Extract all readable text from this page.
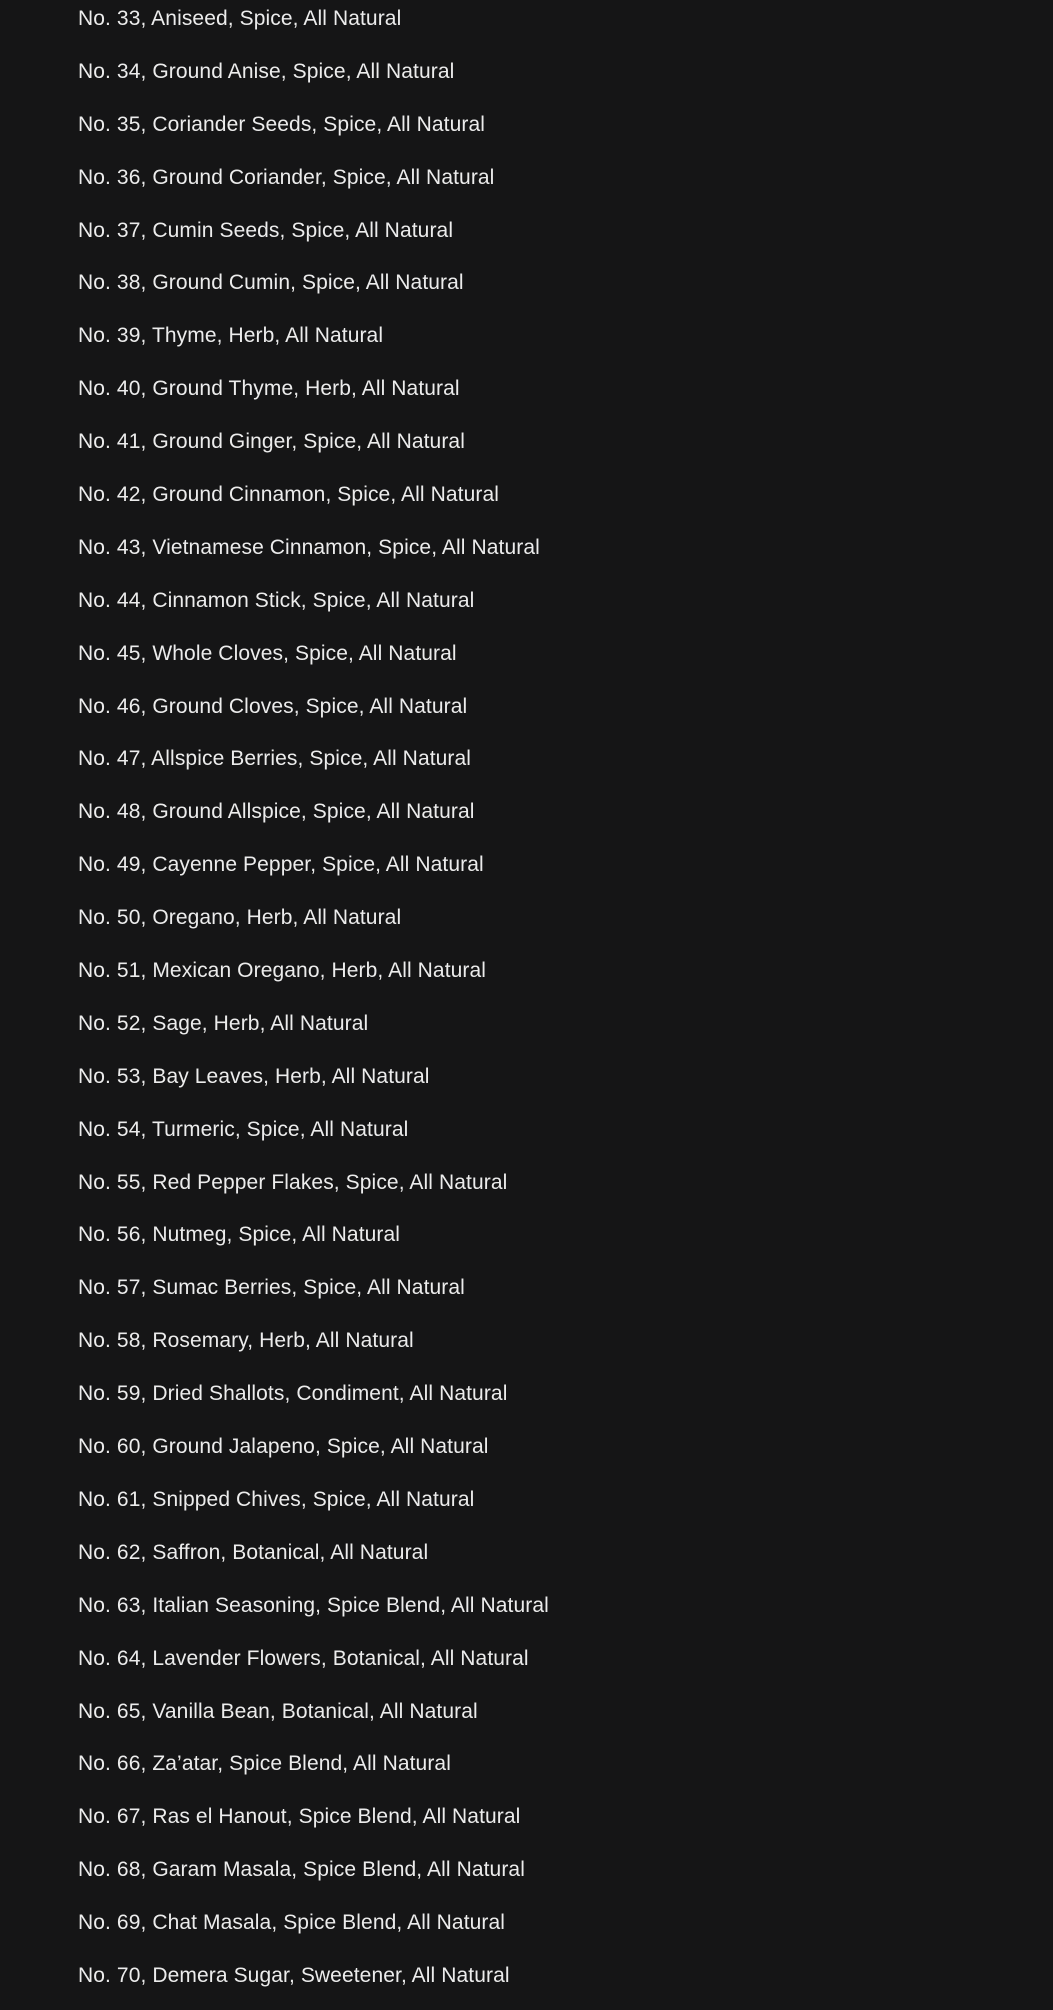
No. 33, Aniseed, Spice, All Natural
No. 34, Ground Anise, Spice, All Natural
No. 35, Coriander Seeds, Spice, All Natural
No. 36, Ground Coriander, Spice, All Natural
No. 37, Cumin Seeds, Spice, All Natural
No. 38, Ground Cumin, Spice, All Natural
No. 39, Thyme, Herb, All Natural
No. 40, Ground Thyme, Herb, All Natural
No. 41, Ground Ginger, Spice, All Natural
No. 42, Ground Cinnamon, Spice, All Natural
No. 43, Vietnamese Cinnamon, Spice, All Natural
No. 44, Cinnamon Stick, Spice, All Natural
No. 45, Whole Cloves, Spice, All Natural
No. 46, Ground Cloves, Spice, All Natural
No. 47, Allspice Berries, Spice, All Natural
No. 48, Ground Allspice, Spice, All Natural
No. 49, Cayenne Pepper, Spice, All Natural
No. 50, Oregano, Herb, All Natural
No. 51, Mexican Oregano, Herb, All Natural
No. 52, Sage, Herb, All Natural
No. 53, Bay Leaves, Herb, All Natural
No. 54, Turmeric, Spice, All Natural
No. 55, Red Pepper Flakes, Spice, All Natural
No. 56, Nutmeg, Spice, All Natural
No. 57, Sumac Berries, Spice, All Natural
No. 58, Rosemary, Herb, All Natural
No. 59, Dried Shallots, Condiment, All Natural
No. 60, Ground Jalapeno, Spice, All Natural
No. 61, Snipped Chives, Spice, All Natural
No. 62, Saffron, Botanical, All Natural
No. 63, Italian Seasoning, Spice Blend, All Natural
No. 64, Lavender Flowers, Botanical, All Natural
No. 65, Vanilla Bean, Botanical, All Natural
No. 66, Za’atar, Spice Blend, All Natural
No. 67, Ras el Hanout, Spice Blend, All Natural
No. 68, Garam Masala, Spice Blend, All Natural
No. 69, Chat Masala, Spice Blend, All Natural
No. 70, Demera Sugar, Sweetener, All Natural
